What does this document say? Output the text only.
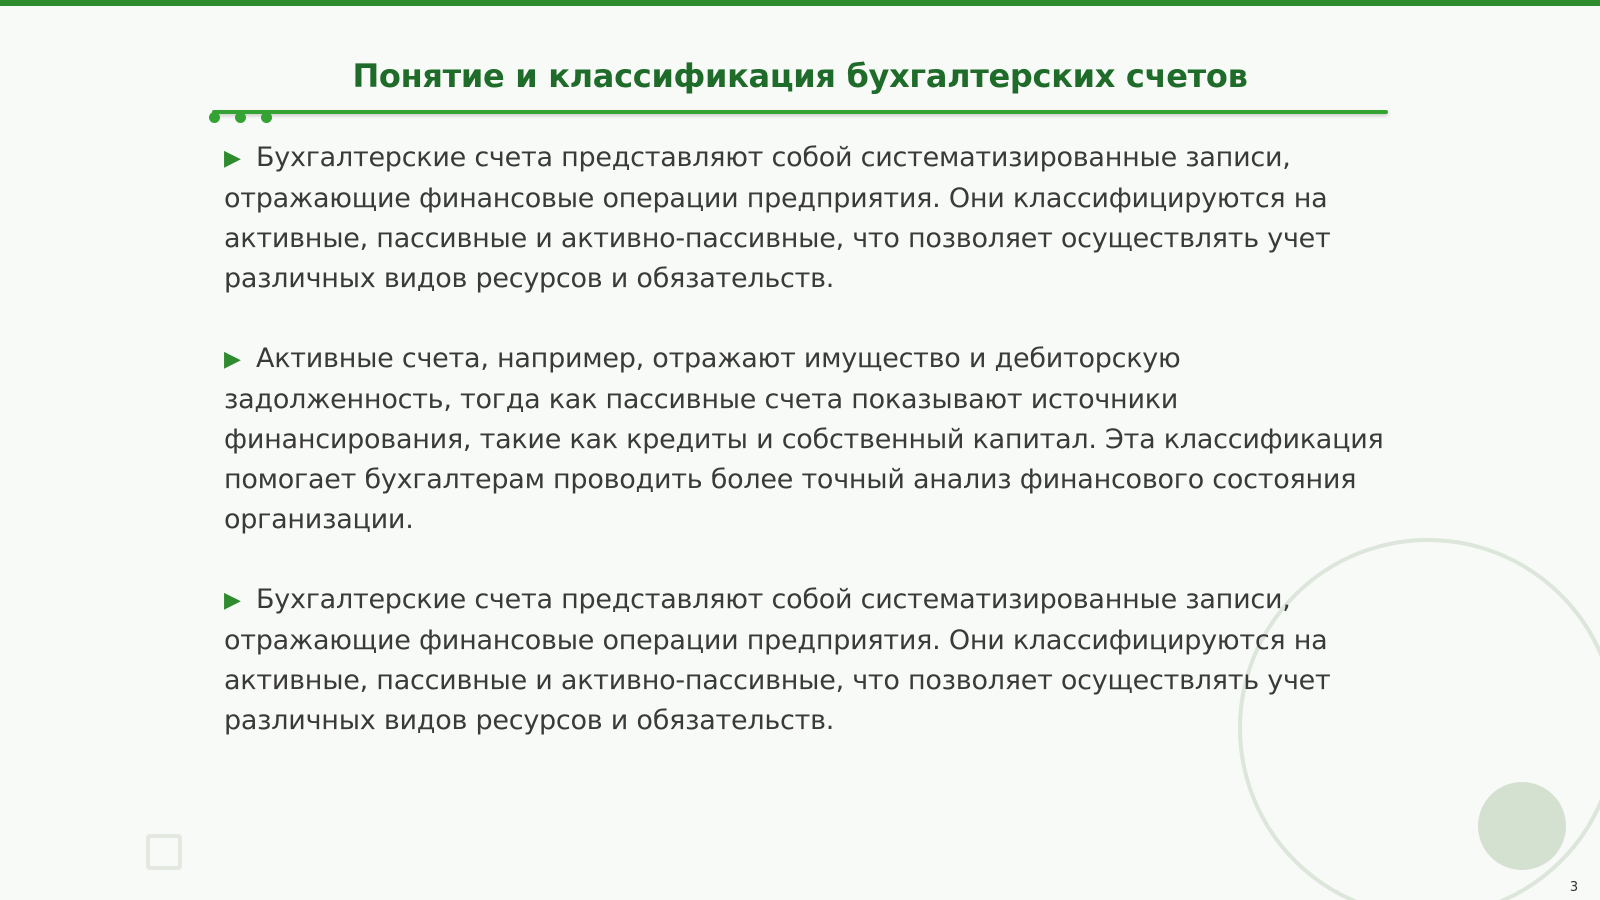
Понятие и классификация бухгалтерских счетов

▶ Бухгалтерские счета представляют собой систематизированные записи, отражающие финансовые операции предприятия. Они классифицируются на активные, пассивные и активно-пассивные, что позволяет осуществлять учет различных видов ресурсов и обязательств.

▶ Активные счета, например, отражают имущество и дебиторскую задолженность, тогда как пассивные счета показывают источники финансирования, такие как кредиты и собственный капитал. Эта классификация помогает бухгалтерам проводить более точный анализ финансового состояния организации.

▶ Бухгалтерские счета представляют собой систематизированные записи, отражающие финансовые операции предприятия. Они классифицируются на активные, пассивные и активно-пассивные, что позволяет осуществлять учет различных видов ресурсов и обязательств.

3
